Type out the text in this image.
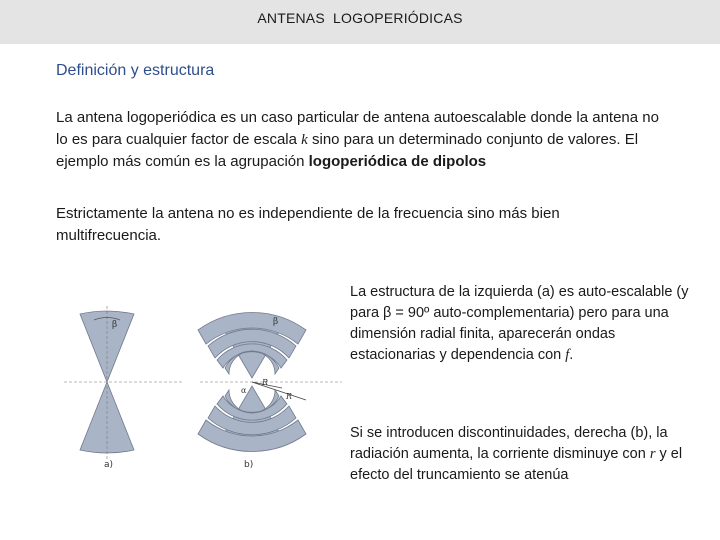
ANTENAS  LOGOPERIÓDICAS
Definición y estructura
La antena logoperiódica es un caso particular de antena autoescalable donde la antena no lo es para cualquier factor de escala k sino para un determinado conjunto de valores. El ejemplo más común es la agrupación logoperiódica de dipolos
Estrictamente la antena no es independiente de la frecuencia sino más bien multifrecuencia.
La estructura de la izquierda (a) es auto-escalable (y para β = 90º auto-complementaria) pero para una dimensión radial finita, aparecerán ondas estacionarias y dependencia con f.
Si se introducen discontinuidades, derecha (b), la radiación aumenta, la corriente disminuye con r y el efecto del truncamiento se atenúa
β
a)
β
α
R
R
b)
